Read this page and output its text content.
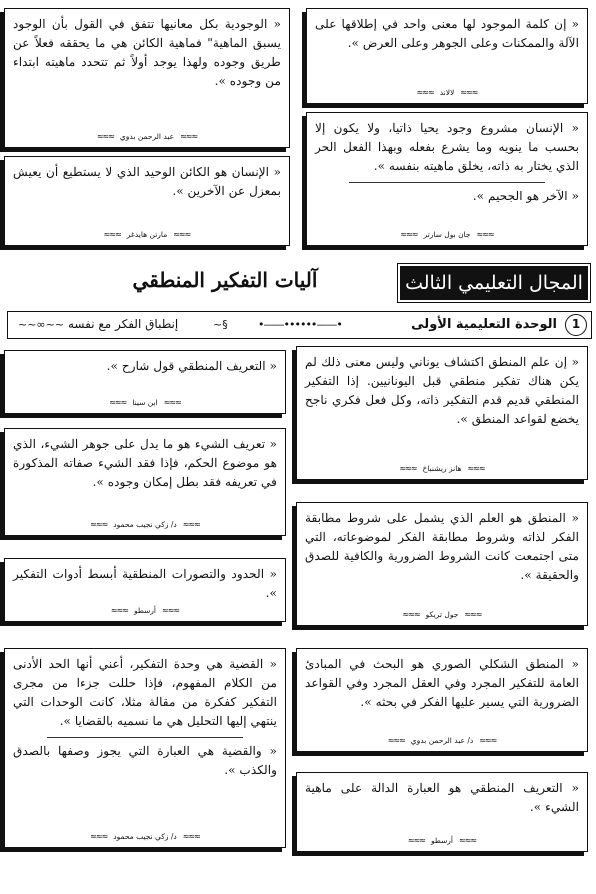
« إن كلمة الموجود لها معنى واحد في إطلاقها على الآلة والممكنات وعلى الجوهر وعلى العرض ».

≈≈≈لالاند≈≈≈

« الوجودية بكل معانيها تتفق في القول بأن الوجود يسبق الماهية" فماهية الكائن هي ما يحققه فعلاً عن طريق وجوده ولهذا يوجد أولاً ثم تتحدد ماهيته ابتداء من وجوده ».

≈≈≈عبد الرحمن بدوي≈≈≈

« الإنسان مشروع وجود يحيا ذاتيا، ولا يكون إلا بحسب ما ينويه وما يشرع بفعله وبهذا الفعل الحر الذي يختار به ذاته، يخلق ماهيته بنفسه ».

« الآخر هو الجحيم ».

≈≈≈جان بول سارتر≈≈≈

« الإنسان هو الكائن الوحيد الذي لا يستطيع أن يعيش بمعزل عن الآخرين ».

≈≈≈مارتن هايدغر≈≈≈
المجال التعليمي الثالث
آليات التفكير المنطقي
1
الوحدة التعليمية الأولى
•——••••••——•
~§
إنطباق الفكر مع نفسه
~~∞~~

« إن علم المنطق اكتشاف يوناني وليس معنى ذلك لم يكن هناك تفكير منطقي قبل اليونانيين. إذا التفكير المنطقي قديم قدم التفكير ذاته، وكل فعل فكري ناجح يخضع لقواعد المنطق ».

≈≈≈هانز ريشنباخ≈≈≈

« المنطق هو العلم الذي يشمل على شروط مطابقة الفكر لذاته وشروط مطابقة الفكر لموضوعاته، التي متى اجتمعت كانت الشروط الضرورية والكافية للصدق والحقيقة ».

≈≈≈جول تريكو≈≈≈

« المنطق الشكلي الصوري هو البحث في المبادئ العامة للتفكير المجرد وفي العقل المجرد وفي القواعد الضرورية التي يسير عليها الفكر في بحثه ».

≈≈≈د/ عبد الرحمن بدوي≈≈≈

« التعريف المنطقي هو العبارة الدالة على ماهية الشيء ».

≈≈≈أرسطو≈≈≈

« التعريف المنطقي قول شارح ».

≈≈≈ابن سينا≈≈≈

« تعريف الشيء هو ما يدل على جوهر الشيء، الذي هو موضوع الحكم، فإذا فقد الشيء صفاته المذكورة في تعريفه فقد بطل إمكان وجوده ».

≈≈≈د/ زكي نجيب محمود≈≈≈

« الحدود والتصورات المنطقية أبسط أدوات التفكير ».

≈≈≈أرسطو≈≈≈

« القضية هي وحدة التفكير، أعني أنها الحد الأدنى من الكلام المفهوم، فإذا حللت جزءا من مجرى التفكير كفكرة من مقالة مثلا، كانت الوحدات التي ينتهي إليها التحليل هي ما نسميه بالقضايا ».

« والقضية هي العبارة التي يجوز وصفها بالصدق والكذب ».

≈≈≈د/ زكي نجيب محمود≈≈≈
